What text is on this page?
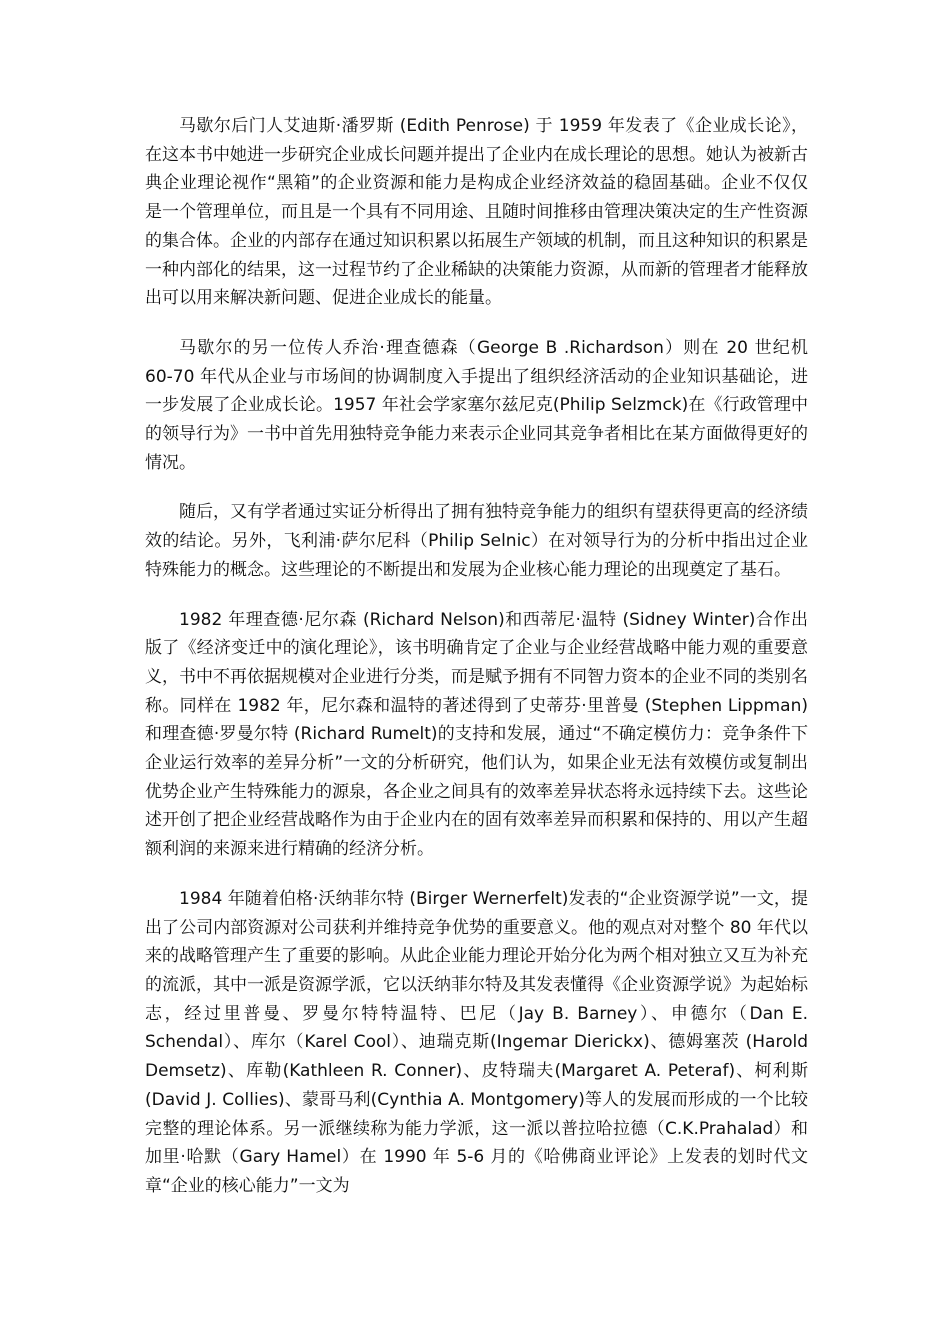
马歇尔后门人艾迪斯·潘罗斯 (Edith Penrose) 于 1959 年发表了《企业成长论》，在这本书中她进一步研究企业成长问题并提出了企业内在成长理论的思想。她认为被新古典企业理论视作“黑箱”的企业资源和能力是构成企业经济效益的稳固基础。企业不仅仅是一个管理单位，而且是一个具有不同用途、且随时间推移由管理决策决定的生产性资源的集合体。企业的内部存在通过知识积累以拓展生产领域的机制，而且这种知识的积累是一种内部化的结果，这一过程节约了企业稀缺的决策能力资源，从而新的管理者才能释放出可以用来解决新问题、促进企业成长的能量。

马歇尔的另一位传人乔治·理查德森（George B .Richardson）则在 20 世纪机 60-70 年代从企业与市场间的协调制度入手提出了组织经济活动的企业知识基础论，进一步发展了企业成长论。1957 年社会学家塞尔兹尼克(Philip Selzmck)在《行政管理中的领导行为》一书中首先用独特竞争能力来表示企业同其竞争者相比在某方面做得更好的情况。

随后，又有学者通过实证分析得出了拥有独特竞争能力的组织有望获得更高的经济绩效的结论。另外，飞利浦·萨尔尼科（Philip Selnic）在对领导行为的分析中指出过企业特殊能力的概念。这些理论的不断提出和发展为企业核心能力理论的出现奠定了基石。

1982 年理查德·尼尔森 (Richard Nelson)和西蒂尼·温特 (Sidney Winter)合作出版了《经济变迁中的演化理论》，该书明确肯定了企业与企业经营战略中能力观的重要意义，书中不再依据规模对企业进行分类，而是赋予拥有不同智力资本的企业不同的类别名称。同样在 1982 年，尼尔森和温特的著述得到了史蒂芬·里普曼 (Stephen Lippman) 和理查德·罗曼尔特 (Richard Rumelt)的支持和发展，通过“不确定模仿力：竞争条件下企业运行效率的差异分析”一文的分析研究，他们认为，如果企业无法有效模仿或复制出优势企业产生特殊能力的源泉，各企业之间具有的效率差异状态将永远持续下去。这些论述开创了把企业经营战略作为由于企业内在的固有效率差异而积累和保持的、用以产生超额利润的来源来进行精确的经济分析。

1984 年随着伯格·沃纳菲尔特 (Birger Wernerfelt)发表的“企业资源学说”一文，提出了公司内部资源对公司获利并维持竞争优势的重要意义。他的观点对对整个 80 年代以来的战略管理产生了重要的影响。从此企业能力理论开始分化为两个相对独立又互为补充的流派，其中一派是资源学派，它以沃纳菲尔特及其发表懂得《企业资源学说》为起始标志，经过里普曼、罗曼尔特特温特、巴尼（Jay B. Barney）、申德尔（Dan E. Schendal）、库尔（Karel Cool）、迪瑞克斯(Ingemar Dierickx)、德姆塞茨 (Harold Demsetz)、库勒(Kathleen R. Conner)、皮特瑞夫(Margaret A. Peteraf)、柯利斯 (David J. Collies)、蒙哥马利(Cynthia A. Montgomery)等人的发展而形成的一个比较完整的理论体系。另一派继续称为能力学派，这一派以普拉哈拉德（C.K.Prahalad）和加里·哈默（Gary Hamel）在 1990 年 5-6 月的《哈佛商业评论》上发表的划时代文章“企业的核心能力”一文为
